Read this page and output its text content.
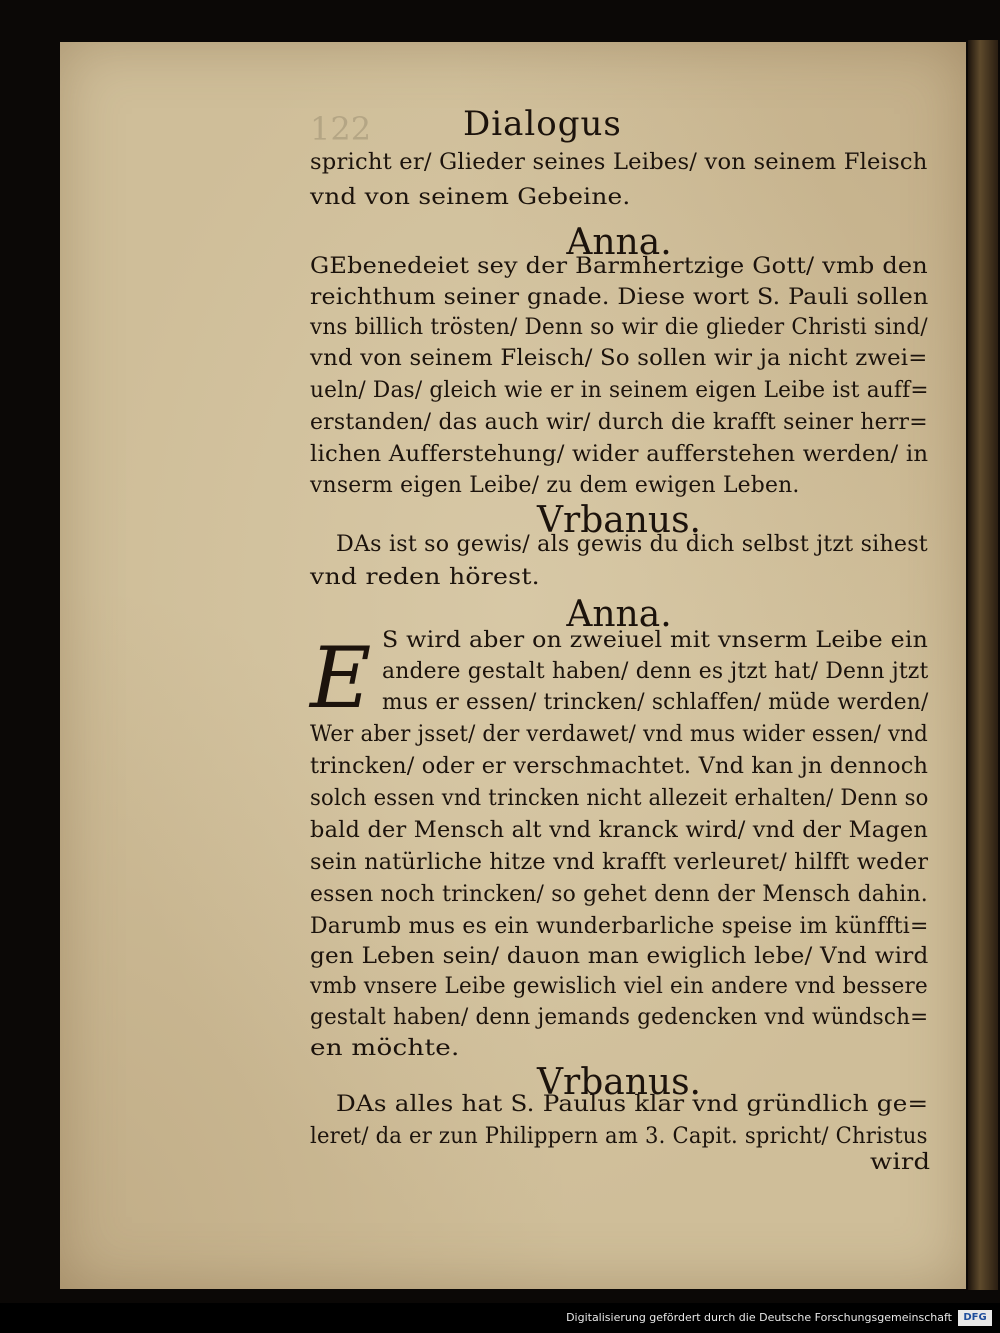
122	Dialogus
E
spricht er/ Glieder seines Leibes/ von seinem Fleisch
vnd von seinem Gebeine.
Anna.
GEbenedeiet sey der Barmhertzige Gott/ vmb den
reichthum seiner gnade. Diese wort S. Pauli sollen
vns billich trösten/ Denn so wir die glieder Christi sind/
vnd von seinem Fleisch/ So sollen wir ja nicht zwei=
ueln/ Das/ gleich wie er in seinem eigen Leibe ist auff=
erstanden/ das auch wir/ durch die krafft seiner herr=
lichen Aufferstehung/ wider aufferstehen werden/ in
vnserm eigen Leibe/ zu dem ewigen Leben.
Vrbanus.
DAs ist so gewis/ als gewis du dich selbst jtzt sihest
vnd reden hörest.
Anna.
S wird aber on zweiuel mit vnserm Leibe ein
andere gestalt haben/ denn es jtzt hat/ Denn jtzt
mus er essen/ trincken/ schlaffen/ müde werden/
Wer aber jsset/ der verdawet/ vnd mus wider essen/ vnd
trincken/ oder er verschmachtet. Vnd kan jn dennoch
solch essen vnd trincken nicht allezeit erhalten/ Denn so
bald der Mensch alt vnd kranck wird/ vnd der Magen
sein natürliche hitze vnd krafft verleuret/ hilfft weder
essen noch trincken/ so gehet denn der Mensch dahin.
Darumb mus es ein wunderbarliche speise im künffti=
gen Leben sein/ dauon man ewiglich lebe/ Vnd wird
vmb vnsere Leibe gewislich viel ein andere vnd bessere
gestalt haben/ denn jemands gedencken vnd wündsch=
en möchte.
Vrbanus.
DAs alles hat S. Paulus klar vnd gründlich ge=
leret/ da er zun Philippern am 3. Capit. spricht/ Christus
wird
Digitalisierung gefördert durch die Deutsche Forschungsgemeinschaft	DFG
